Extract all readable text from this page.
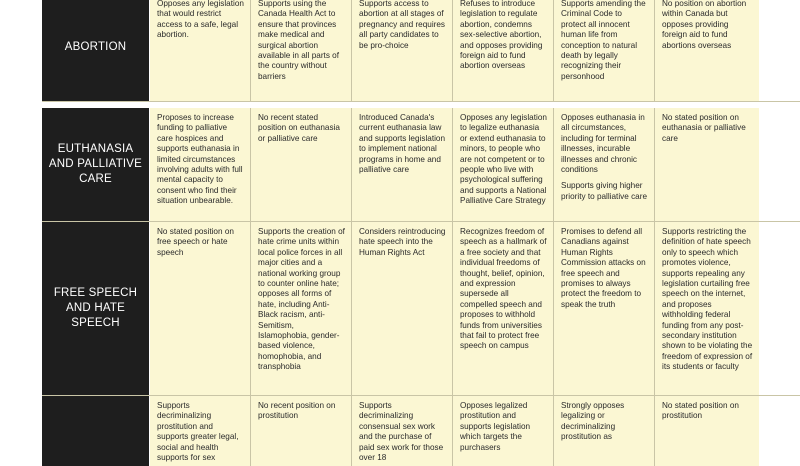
ABORTION

Opposes any legislation that would restrict access to a safe, legal abortion.

Supports using the Canada Health Act to ensure that provinces make medical and surgical abortion available in all parts of the country without barriers

Supports access to abortion at all stages of pregnancy and requires all party candidates to be pro-choice

Refuses to introduce legislation to regulate abortion, condemns sex-selective abortion, and opposes providing foreign aid to fund abortion overseas

Supports amending the Criminal Code to protect all innocent human life from conception to natural death by legally recognizing their personhood

No position on abortion within Canada but opposes providing foreign aid to fund abortions overseas

EUTHANASIA AND PALLIATIVE CARE

Proposes to increase funding to palliative care hospices and supports euthanasia in limited circumstances involving adults with full mental capacity to consent who find their situation unbearable.

No recent stated position on euthanasia or palliative care

Introduced Canada's current euthanasia law and supports legislation to implement national programs in home and palliative care

Opposes any legislation to legalize euthanasia or extend euthanasia to minors, to people who are not competent or to people who live with psychological suffering and supports a National Palliative Care Strategy

Opposes euthanasia in all circumstances, including for terminal illnesses, incurable illnesses and chronic conditions

Supports giving higher priority to palliative care

No stated position on euthanasia or palliative care

FREE SPEECH AND HATE SPEECH

No stated position on free speech or hate speech

Supports the creation of hate crime units within local police forces in all major cities and a national working group to counter online hate; opposes all forms of hate, including Anti-Black racism, anti-Semitism, Islamophobia, gender-based violence, homophobia, and transphobia

Considers reintroducing hate speech into the Human Rights Act

Recognizes freedom of speech as a hallmark of a free society and that individual freedoms of thought, belief, opinion, and expression supersede all compelled speech and proposes to withhold funds from universities that fail to protect free speech on campus

Promises to defend all Canadians against Human Rights Commission attacks on free speech and promises to always protect the freedom to speak the truth

Supports restricting the definition of hate speech only to speech which promotes violence, supports repealing any legislation curtailing free speech on the internet, and proposes withholding federal funding from any post-secondary institution shown to be violating the freedom of expression of its students or faculty

Supports decriminalizing prostitution and supports greater legal, social and health supports for sex

No recent position on prostitution

Supports decriminalizing consensual sex work and the purchase of paid sex work for those over 18

Opposes legalized prostitution and supports legislation which targets the purchasers

Strongly opposes legalizing or decriminalizing prostitution as

No stated position on prostitution
